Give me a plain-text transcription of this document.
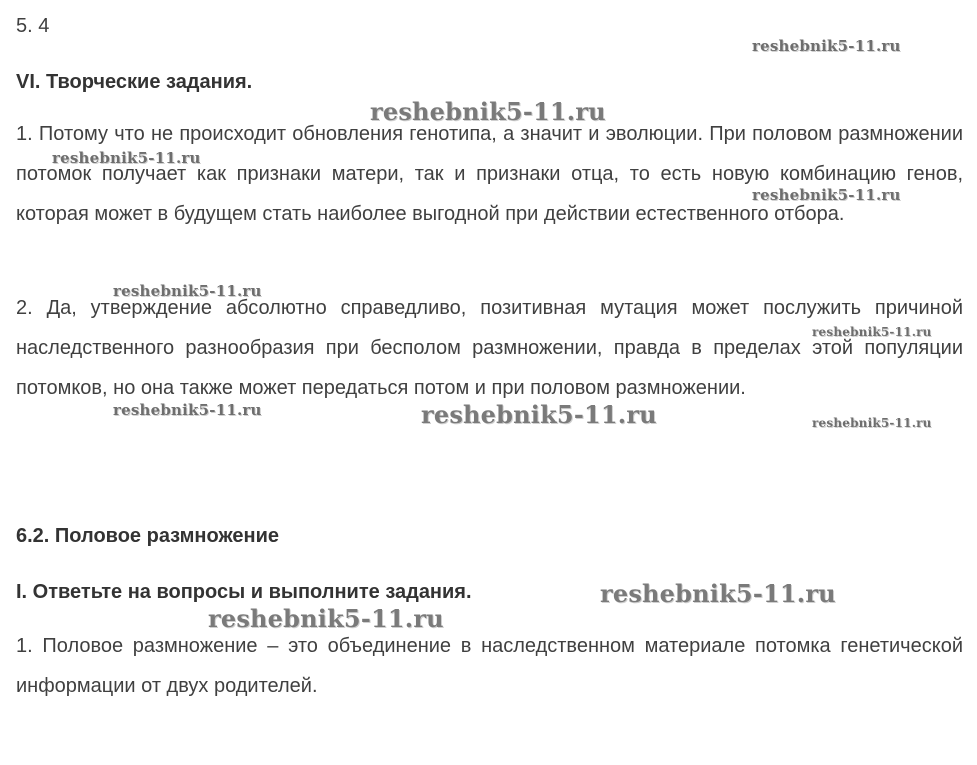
5. 4
VI. Творческие задания.

1. Потому что не происходит обновления генотипа, а значит и эволюции. При половом размножении потомок получает как признаки матери, так и признаки отца, то есть новую комбинацию генов, которая может в будущем стать наиболее выгодной при действии естественного отбора.

2. Да, утверждение абсолютно справедливо, позитивная мутация может послужить причиной наследственного разнообразия при бесполом размножении, правда в пределах этой популяции потомков, но она также может передаться потом и при половом размножении.

6.2. Половое размножение
I. Ответьте на вопросы и выполните задания.

1. Половое размножение – это объединение в наследственном материале потомка генетической информации от двух родителей.

reshebnik5-11.ru
reshebnik5-11.ru
reshebnik5-11.ru
reshebnik5-11.ru
reshebnik5-11.ru
reshebnik5-11.ru
reshebnik5-11.ru	reshebnik5-11.ru	reshebnik5-11.ru
reshebnik5-11.ru
reshebnik5-11.ru
